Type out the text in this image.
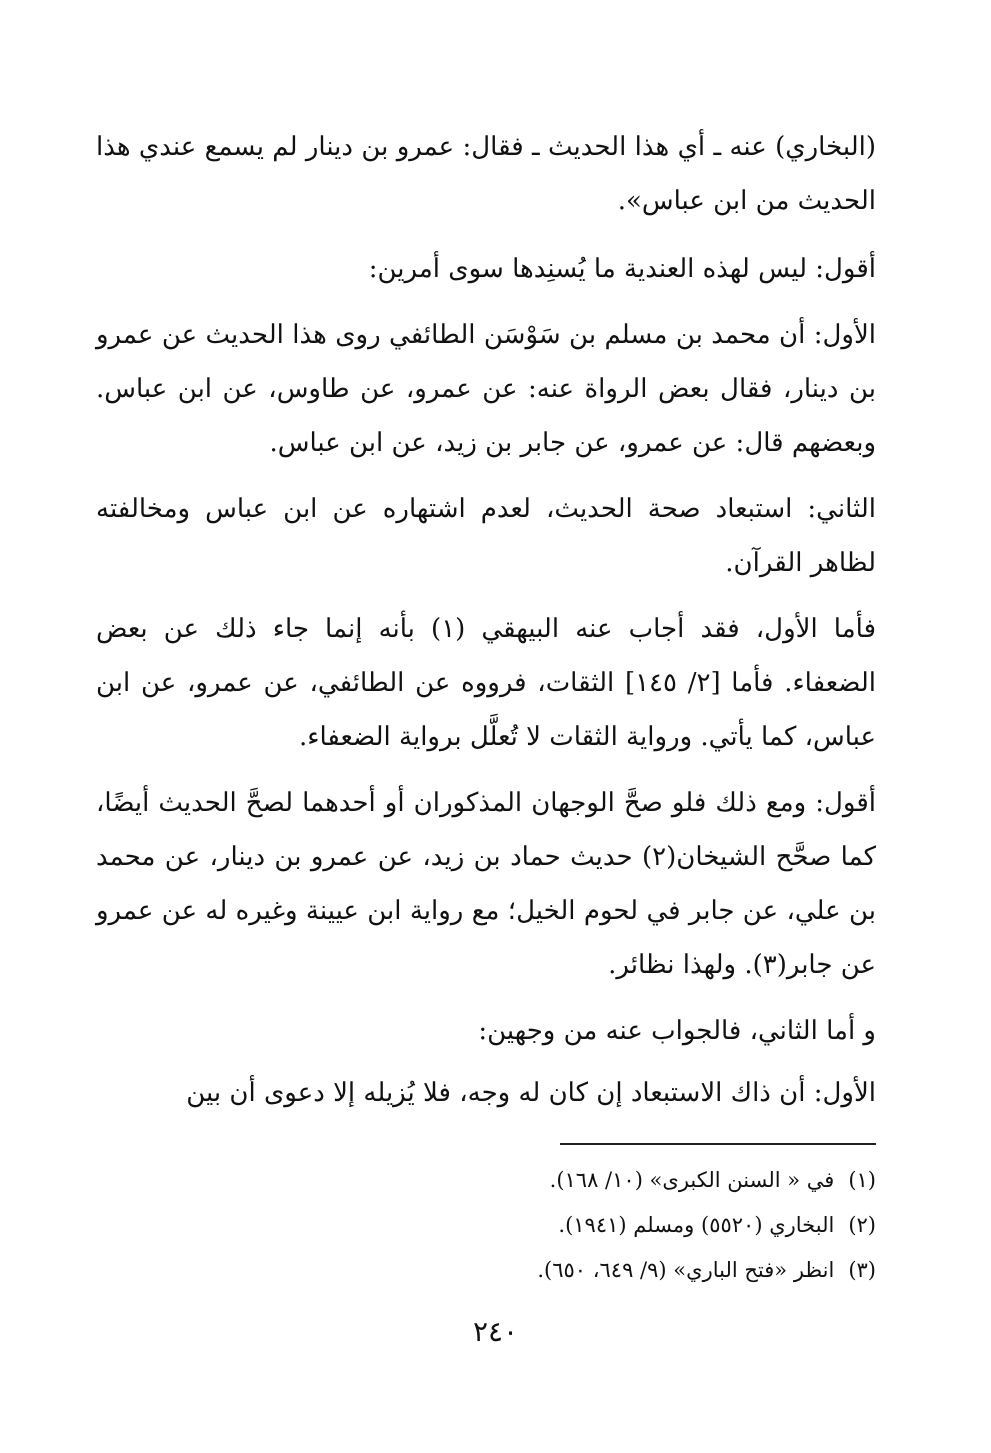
(البخاري) عنه ـ أي هذا الحديث ـ فقال: عمرو بن دينار لم يسمع عندي هذا الحديث من ابن عباس».

أقول: ليس لهذه العندية ما يُسنِدها سوى أمرين:

الأول: أن محمد بن مسلم بن سَوْسَن الطائفي روى هذا الحديث عن عمرو بن دينار، فقال بعض الرواة عنه: عن عمرو، عن طاوس، عن ابن عباس. وبعضهم قال: عن عمرو، عن جابر بن زيد، عن ابن عباس.

الثاني: استبعاد صحة الحديث، لعدم اشتهاره عن ابن عباس ومخالفته لظاهر القرآن.

فأما الأول، فقد أجاب عنه البيهقي (١) بأنه إنما جاء ذلك عن بعض الضعفاء. فأما [٢/ ١٤٥] الثقات، فرووه عن الطائفي، عن عمرو، عن ابن عباس، كما يأتي. ورواية الثقات لا تُعلَّل برواية الضعفاء.

أقول: ومع ذلك فلو صحَّ الوجهان المذكوران أو أحدهما لصحَّ الحديث أيضًا، كما صحَّح الشيخان(٢) حديث حماد بن زيد، عن عمرو بن دينار، عن محمد بن علي، عن جابر في لحوم الخيل؛ مع رواية ابن عيينة وغيره له عن عمرو عن جابر(٣). ولهذا نظائر.

و أما الثاني، فالجواب عنه من وجهين:

الأول: أن ذاك الاستبعاد إن كان له وجه، فلا يُزيله إلا دعوى أن بين

(١)
في « السنن الكبرى» (١٠/ ١٦٨).
(٢)
البخاري (٥٥٢٠) ومسلم (١٩٤١).
(٣)
انظر «فتح الباري» (٩/ ٦٤٩، ٦٥٠).
٢٤٠
